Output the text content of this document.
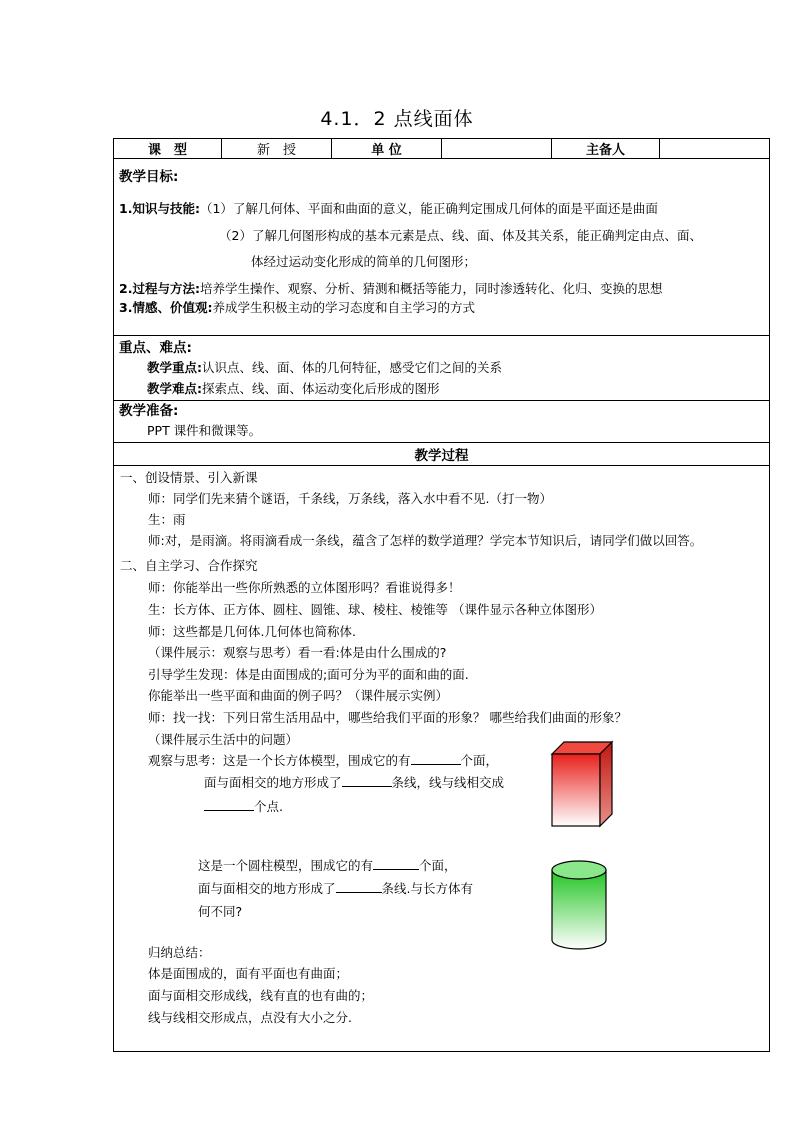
4.1．2 点线面体
课　型	新　授	单 位		主备人	

教学目标:
1.知识与技能:（1）了解几何体、平面和曲面的意义，能正确判定围成几何体的面是平面还是曲面
（2）了解几何图形构成的基本元素是点、线、面、体及其关系，能正确判定由点、面、
体经过运动变化形成的简单的几何图形；
2.过程与方法:培养学生操作、观察、分析、猜测和概括等能力，同时渗透转化、化归、变换的思想
3.情感、价值观:养成学生积极主动的学习态度和自主学习的方式

重点、难点:
教学重点:认识点、线、面、体的几何特征，感受它们之间的关系
教学难点:探索点、线、面、体运动变化后形成的图形

教学准备:
PPT 课件和微课等。

教学过程

一、创设情景、引入新课
师：同学们先来猜个谜语，千条线，万条线，落入水中看不见.（打一物）
生：雨
师:对，是雨滴。将雨滴看成一条线，蕴含了怎样的数学道理？学完本节知识后，请同学们做以回答。
二、自主学习、合作探究
师：你能举出一些你所熟悉的立体图形吗？看谁说得多！
生：长方体、正方体、圆柱、圆锥、球、棱柱、棱锥等 （课件显示各种立体图形）
师：这些都是几何体.几何体也简称体.
（课件展示：观察与思考）看一看:体是由什么围成的?
引导学生发现：体是由面围成的;面可分为平的面和曲的面.
你能举出一些平面和曲面的例子吗？（课件展示实例）
师：找一找：下列日常生活用品中，哪些给我们平面的形象？ 哪些给我们曲面的形象？
（课件展示生活中的问题）
观察与思考：这是一个长方体模型，围成它的有	个面，
面与面相交的地方形成了	条线，线与线相交成
个点.
这是一个圆柱模型，围成它的有	个面，
面与面相交的地方形成了	条线.与长方体有
何不同?
归纳总结：
体是面围成的，面有平面也有曲面；
面与面相交形成线，线有直的也有曲的；
线与线相交形成点，点没有大小之分.
